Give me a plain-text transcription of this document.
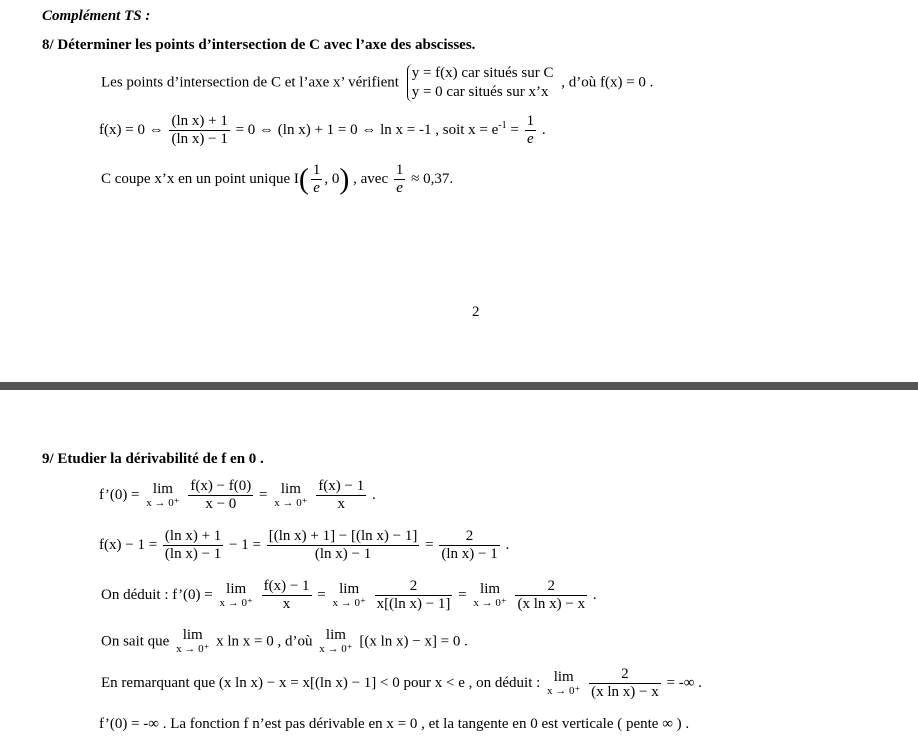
Complément TS :
8/ Déterminer les points d’intersection de C avec l’axe des abscisses.
Les points d’intersection de C et l’axe x’ vérifient
y = f(x) car situés sur C
y = 0 car situés sur x’x
, d’où f(x) = 0 .
f(x) = 0 ⇔ $\frac{\text{(ln x) + 1}}{\text{(ln x) − 1}} = 0$ ⇔ (ln x) + 1 = 0 ⇔ ln x = -1 , soit $x = e^{-1} = \frac{1}{e}$ .
C coupe x’x en un point unique $I( \frac{1}{e}$ , 0) , avec $\frac{1}{e} \approx 0,37$.
2
9/ Etudier la dérivabilité de f en 0 .
f’(0) = lim
x → 0⁺
$\frac{f(x) - f(0)}{x - 0} = \lim$
x → 0⁺
$\frac{f(x) - 1}{x}$ .
$f(x) - 1 = \frac{\text{(ln x) + 1}}{\text{(ln x) − 1}} - 1 = \frac{\text{[(ln x) + 1] − [(ln x) − 1]}}{\text{(ln x) − 1}} = \frac{2}{\text{(ln x) − 1}}$ .
On déduit : f’(0) = lim
x → 0⁺
$\frac{f(x) - 1}{x} = \lim$
x → 0⁺
$\frac{2}{\text{x[(ln x) − 1]}} = \lim$
x → 0⁺
$\frac{2}{\text{(x ln x) − x}}$ .
On sait que lim
x → 0⁺ x ln x = 0 , d’où lim
x → 0⁺ [(x ln x) − x] = 0 .
En remarquant que (x ln x) − x = x[(ln x) − 1] < 0 pour x < e , on déduit : lim
x → 0⁺
$\frac{2}{\text{(x ln x) − x}}$ = -∞ .
f’(0) = -∞ . La fonction f n’est pas dérivable en x = 0 , et la tangente en 0 est verticale ( pente ∞ ) .
